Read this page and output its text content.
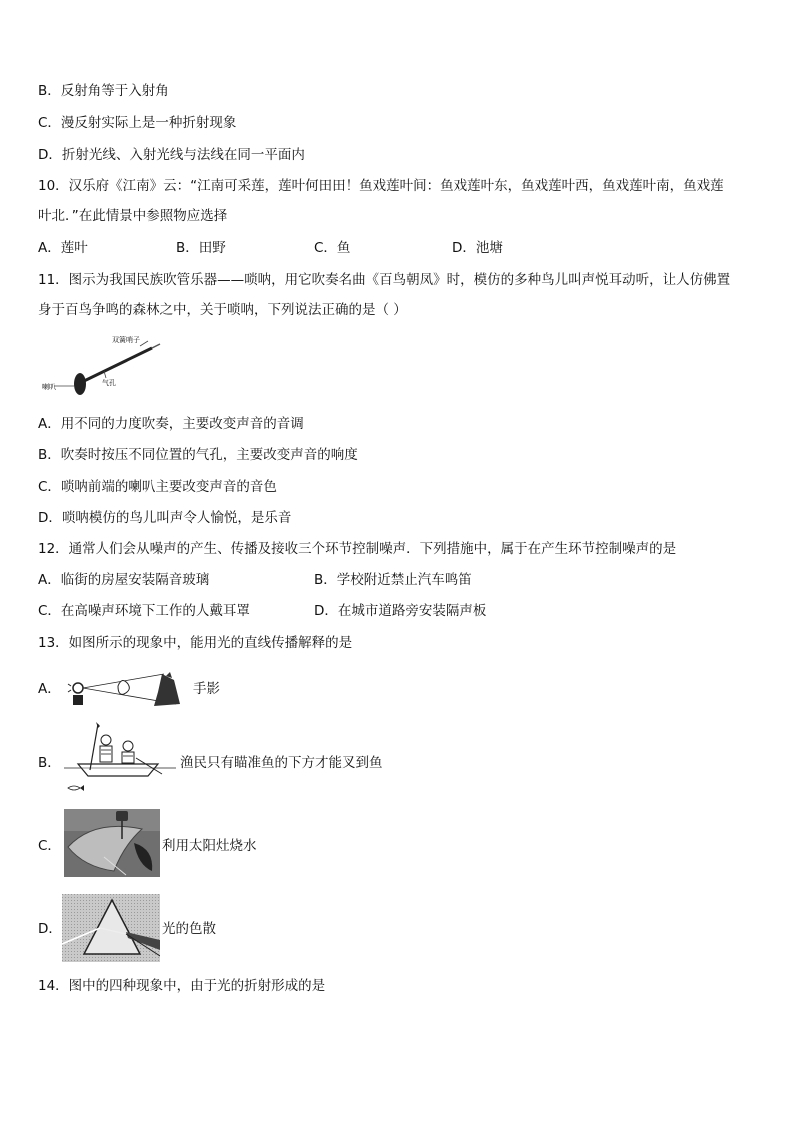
B．反射角等于入射角
C．漫反射实际上是一种折射现象
D．折射光线、入射光线与法线在同一平面内
10．汉乐府《江南》云：“江南可采莲，莲叶何田田！鱼戏莲叶间：鱼戏莲叶东，鱼戏莲叶西，鱼戏莲叶南，鱼戏莲
叶北．”在此情景中参照物应选择
A．莲叶	B．田野	C．鱼	D．池塘
11．图示为我国民族吹管乐器——唢呐，用它吹奏名曲《百鸟朝凤》时，模仿的多种鸟儿叫声悦耳动听，让人仿佛置
身于百鸟争鸣的森林之中，关于唢呐，下列说法正确的是（ ）
双簧哨子
喇叭	气孔
A．用不同的力度吹奏，主要改变声音的音调
B．吹奏时按压不同位置的气孔，主要改变声音的响度
C．唢呐前端的喇叭主要改变声音的音色
D．唢呐模仿的鸟儿叫声令人愉悦，是乐音
12．通常人们会从噪声的产生、传播及接收三个环节控制噪声．下列措施中，属于在产生环节控制噪声的是
A．临街的房屋安装隔音玻璃	B．学校附近禁止汽车鸣笛
C．在高噪声环境下工作的人戴耳罩	D．在城市道路旁安装隔声板
13．如图所示的现象中，能用光的直线传播解释的是
A．	手影
B．	渔民只有瞄准鱼的下方才能叉到鱼
C．	利用太阳灶烧水
D．	光的色散
14．图中的四种现象中，由于光的折射形成的是
